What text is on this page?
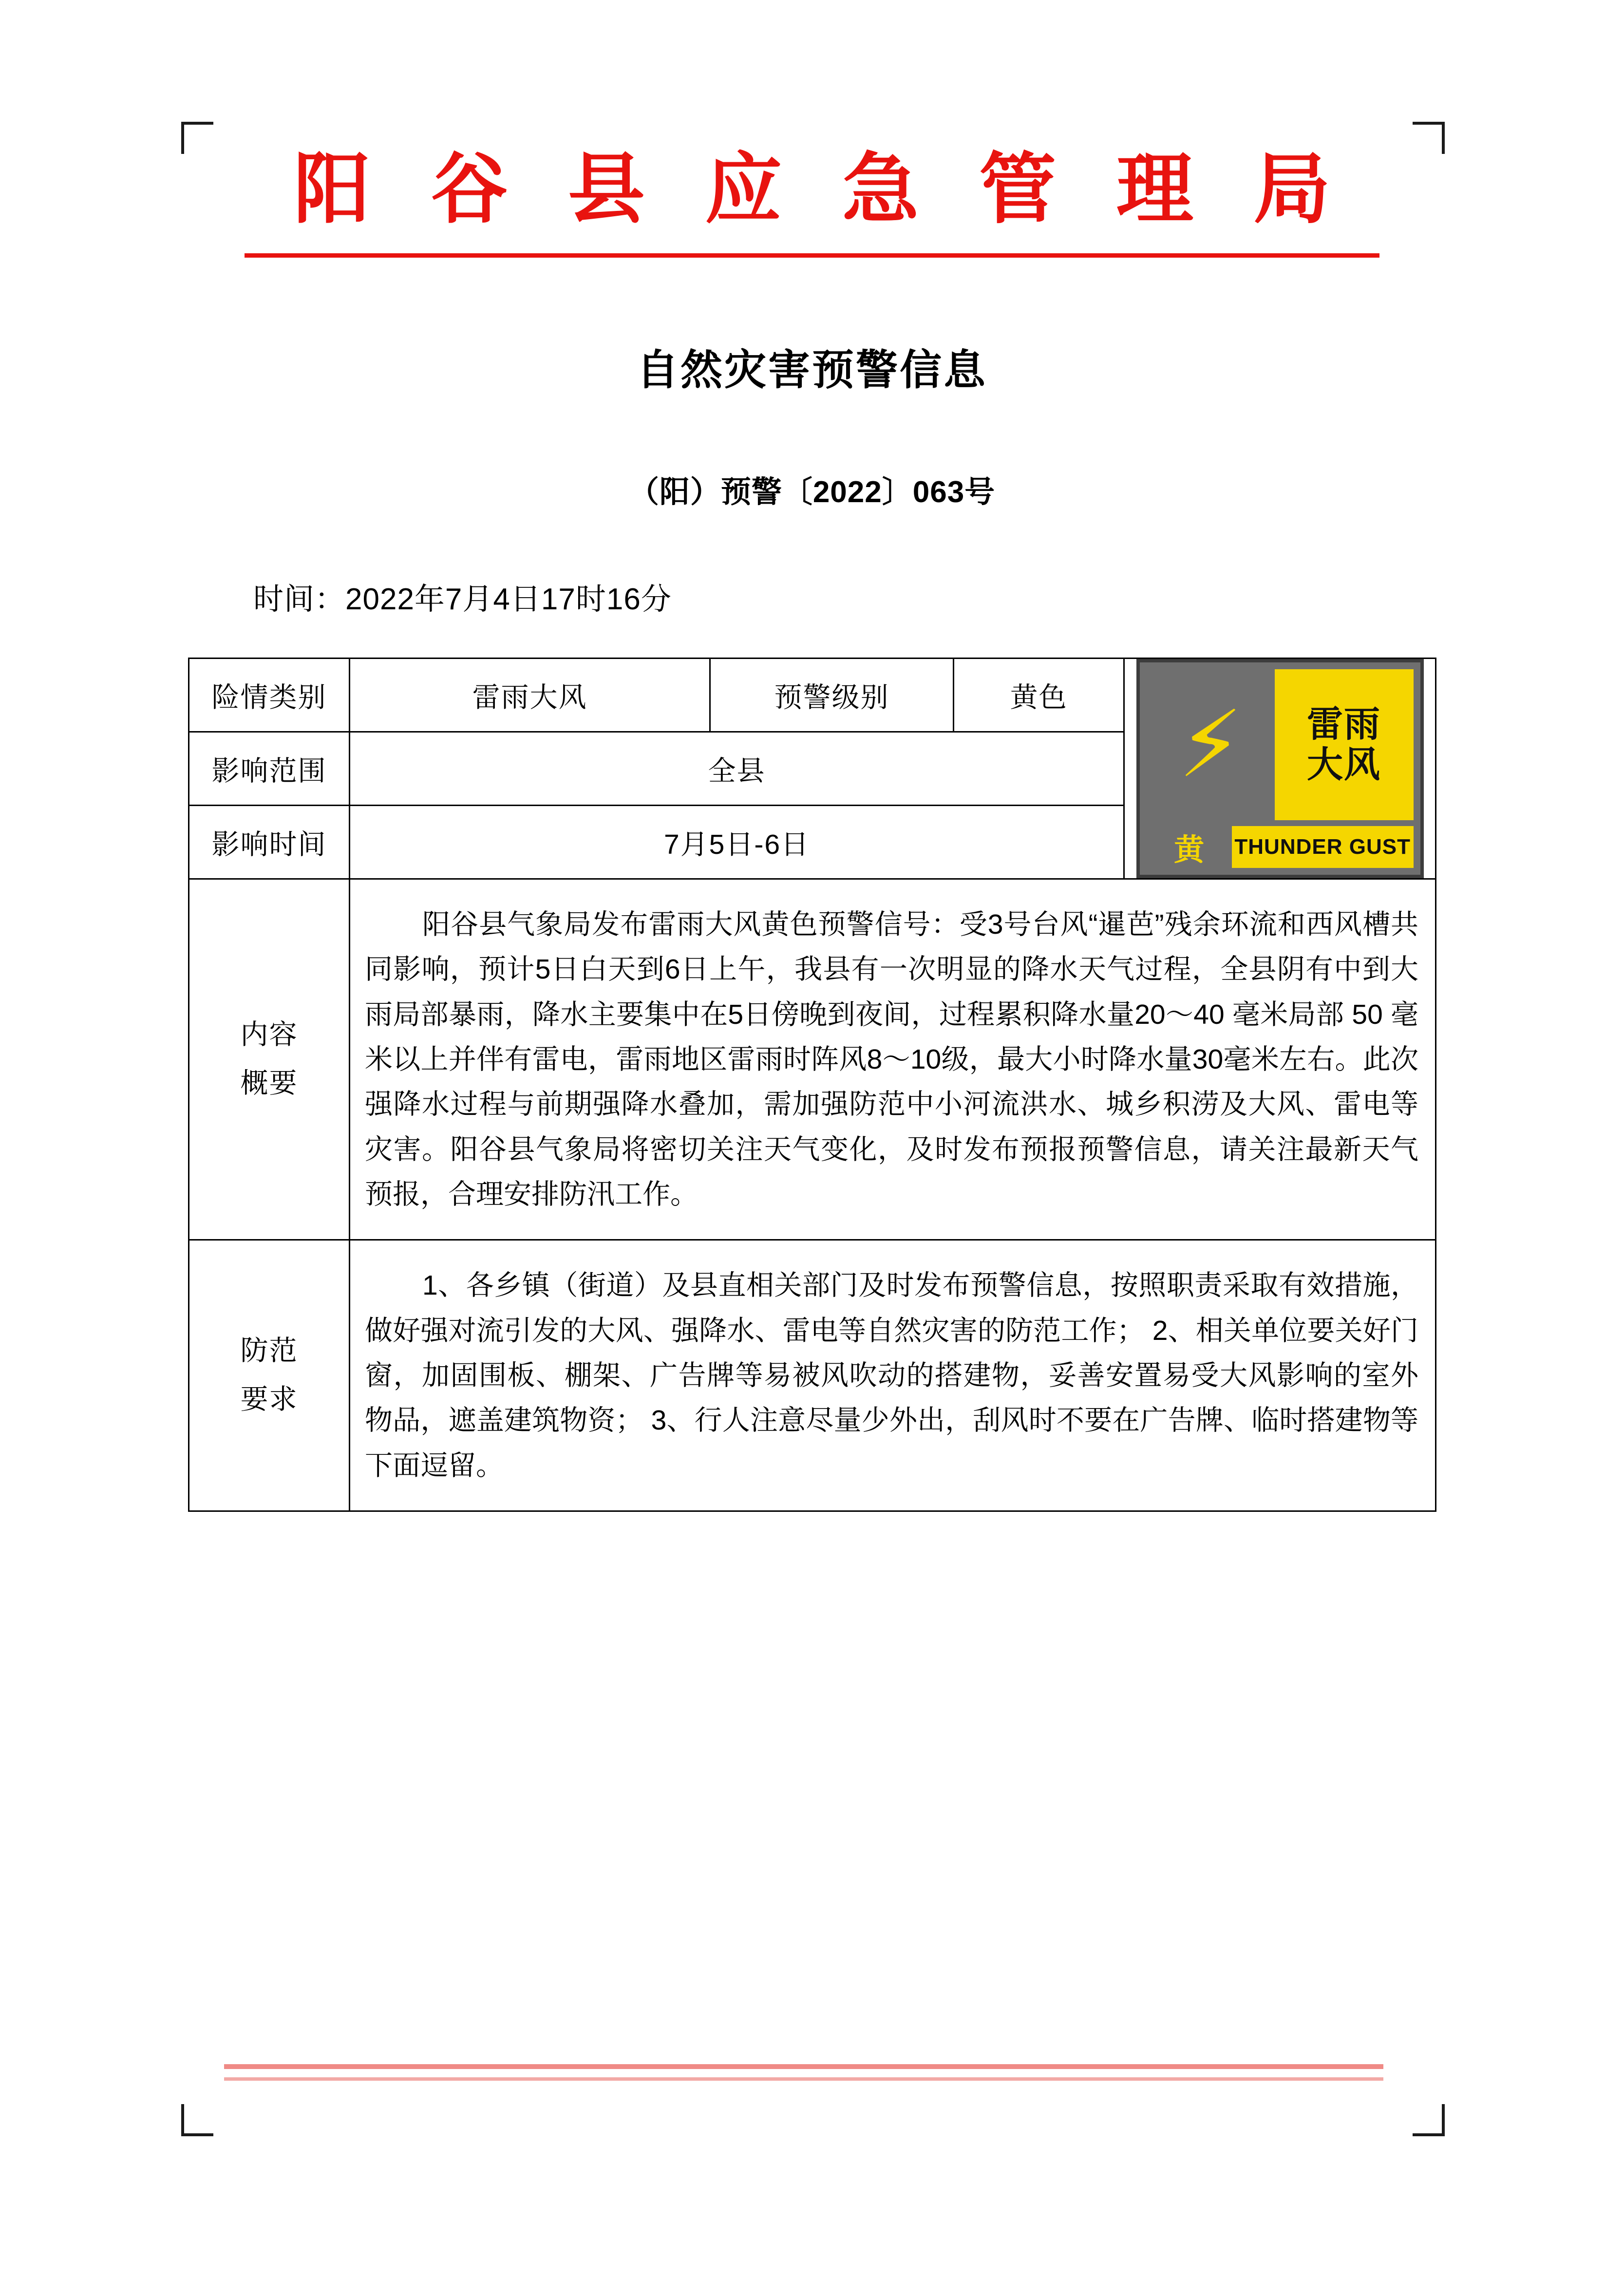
阳 谷 县 应 急 管 理 局
自然灾害预警信息
（阳）预警〔2022〕063号
时间：2022年7月4日17时16分
险情类别	雷雨大风	预警级别	黄色	⚡ 雷雨
大风
黄 THUNDER GUST

影响范围	全县			
影响时间	7月5日-6日			

内容
概要	阳谷县气象局发布雷雨大风黄色预警信号：受3号台风“暹芭”残余环流和西风槽共同影响，预计5日白天到6日上午，我县有一次明显的降水天气过程，全县阴有中到大雨局部暴雨，降水主要集中在5日傍晚到夜间，过程累积降水量20～40 毫米局部 50 毫米以上并伴有雷电，雷雨地区雷雨时阵风8～10级，最大小时降水量30毫米左右。此次强降水过程与前期强降水叠加，需加强防范中小河流洪水、城乡积涝及大风、雷电等灾害。阳谷县气象局将密切关注天气变化，及时发布预报预警信息，请关注最新天气预报，合理安排防汛工作。			

防范
要求	1、各乡镇（街道）及县直相关部门及时发布预警信息，按照职责采取有效措施，做好强对流引发的大风、强降水、雷电等自然灾害的防范工作； 2、相关单位要关好门窗，加固围板、棚架、广告牌等易被风吹动的搭建物，妥善安置易受大风影响的室外物品，遮盖建筑物资； 3、行人注意尽量少外出，刮风时不要在广告牌、临时搭建物等下面逗留。			
